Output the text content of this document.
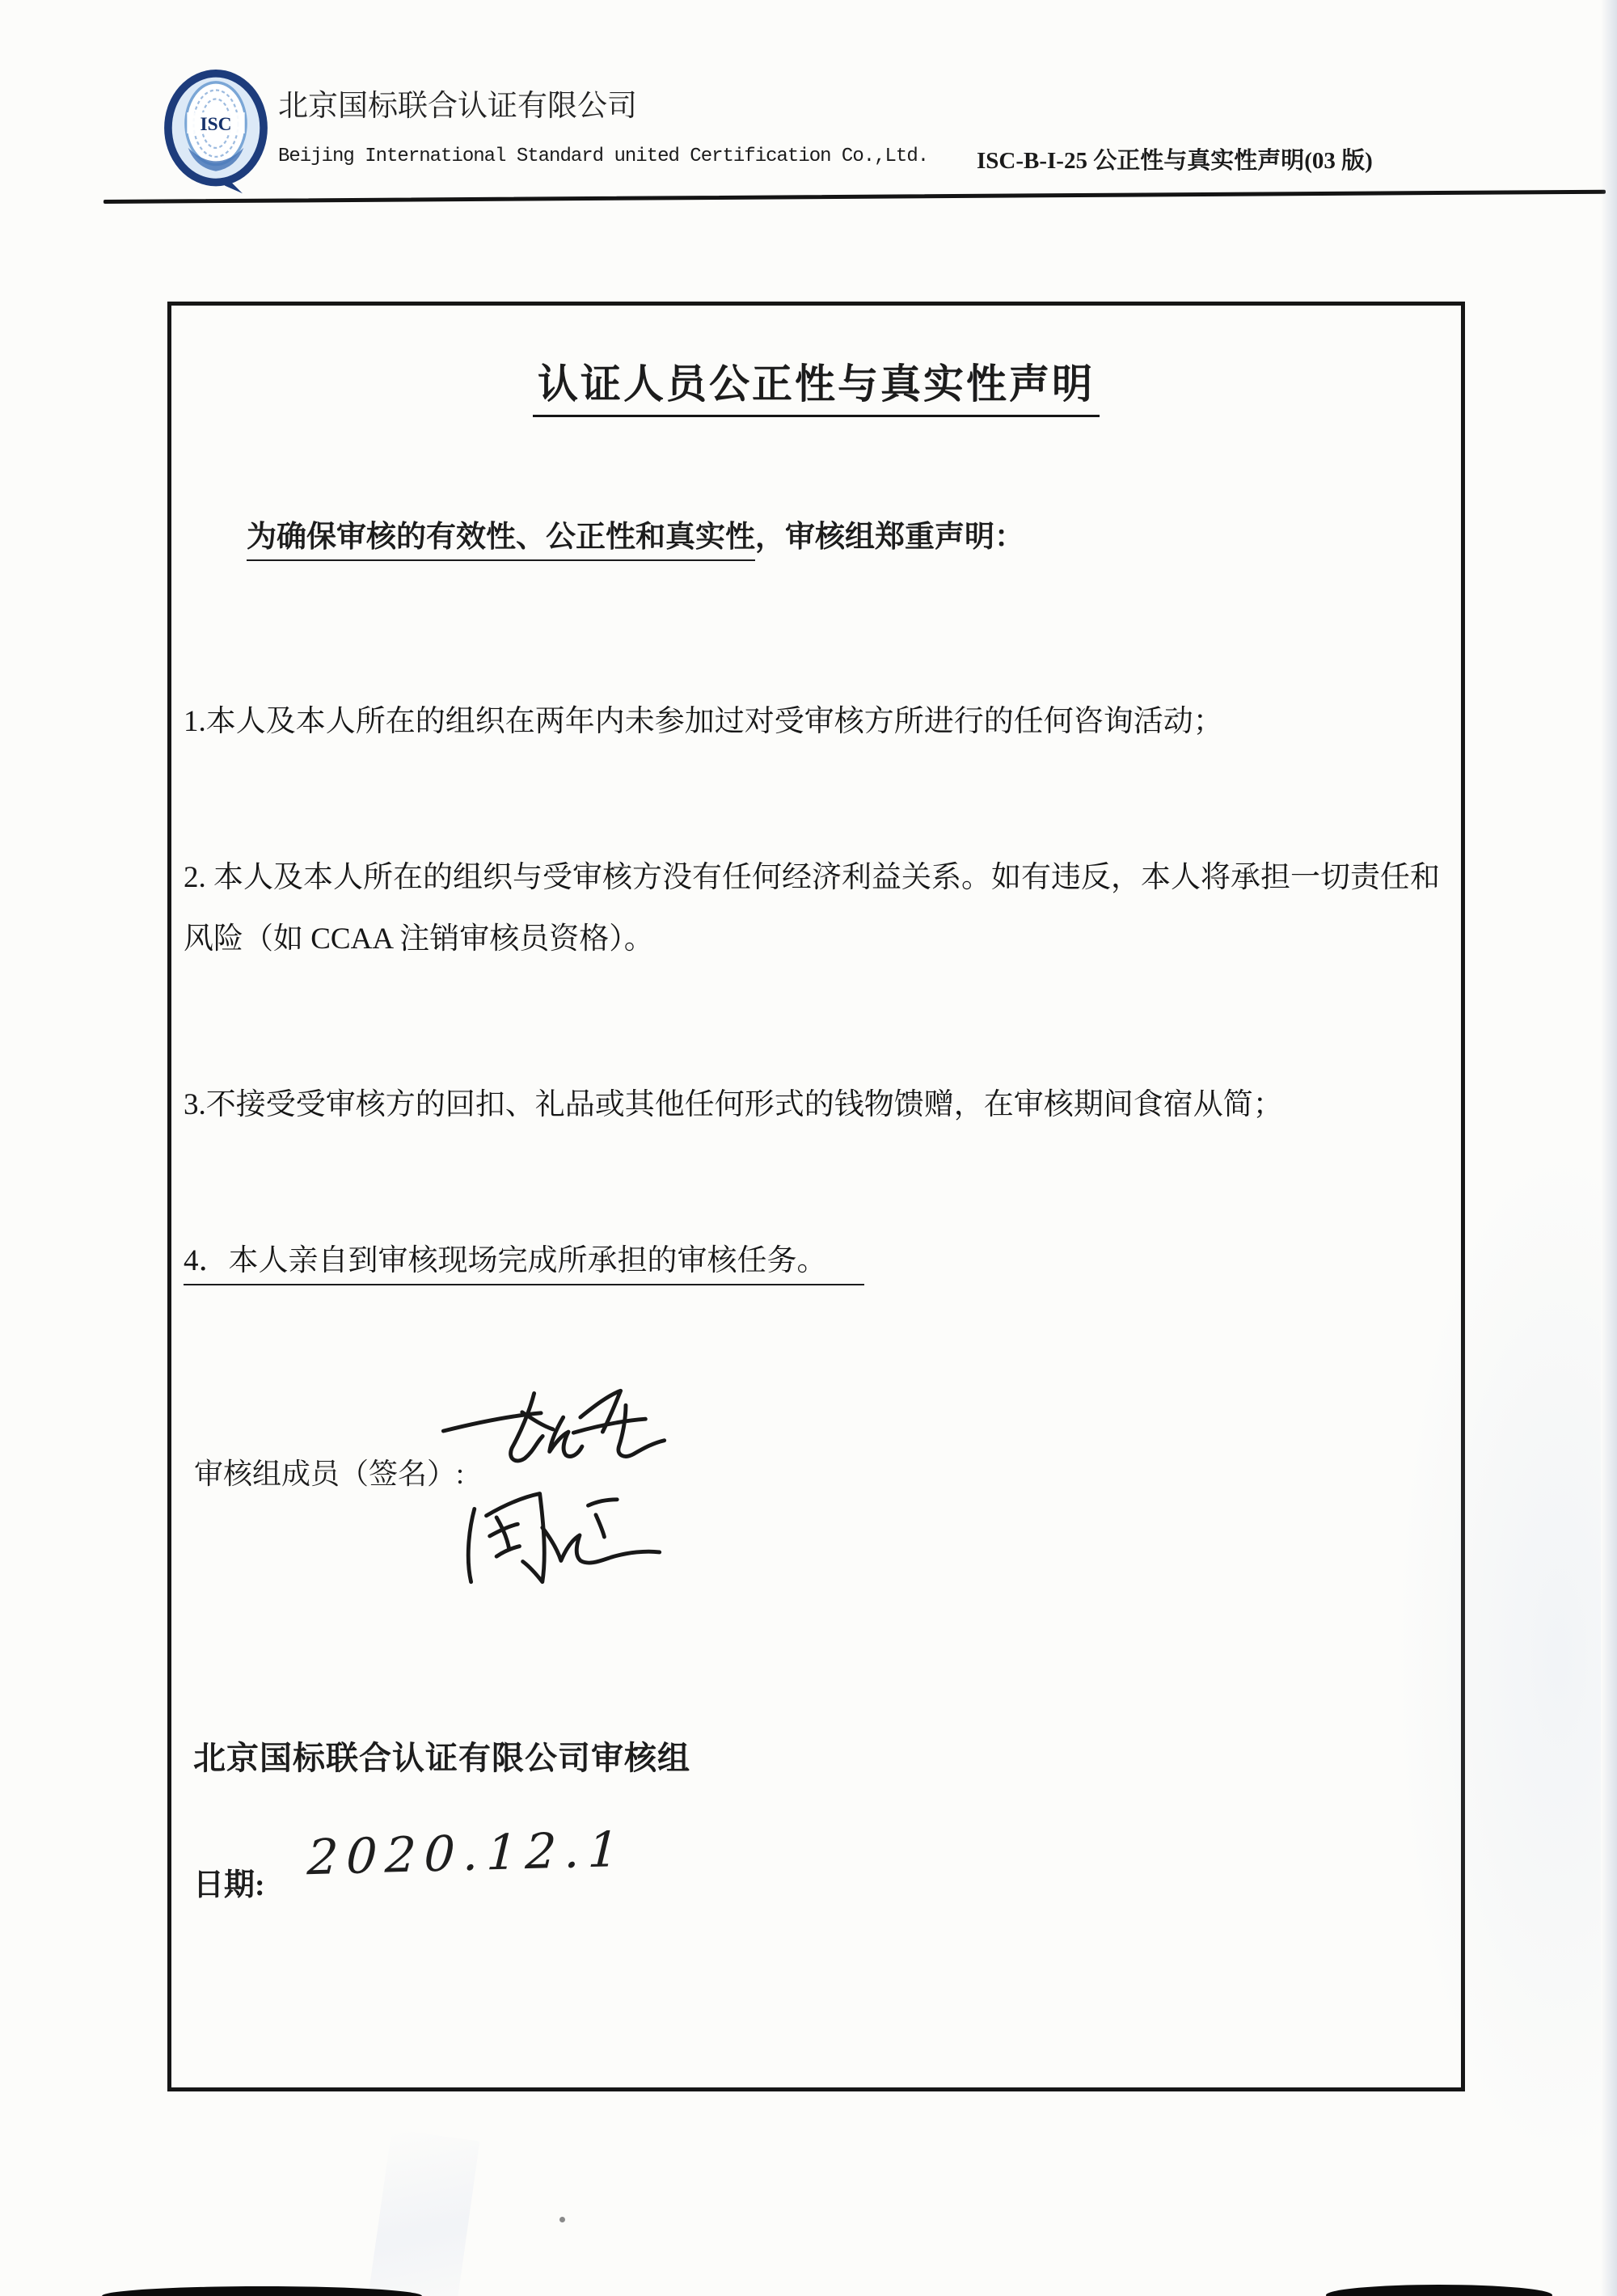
ISC
北京国标联合认证有限公司
Beijing International Standard united Certification Co.,Ltd. ISC-B-I-25 公正性与真实性声明(03 版)
认证人员公正性与真实性声明
为确保审核的有效性、公正性和真实性，审核组郑重声明：
1.本人及本人所在的组织在两年内未参加过对受审核方所进行的任何咨询活动；
2. 本人及本人所在的组织与受审核方没有任何经济利益关系。如有违反，本人将承担一切责任和
风险（如 CCAA 注销审核员资格）。
3.不接受受审核方的回扣、礼品或其他任何形式的钱物馈赠，在审核期间食宿从简；
4．本人亲自到审核现场完成所承担的审核任务。
审核组成员（签名）:
北京国标联合认证有限公司审核组
日期: 2020.12.1
